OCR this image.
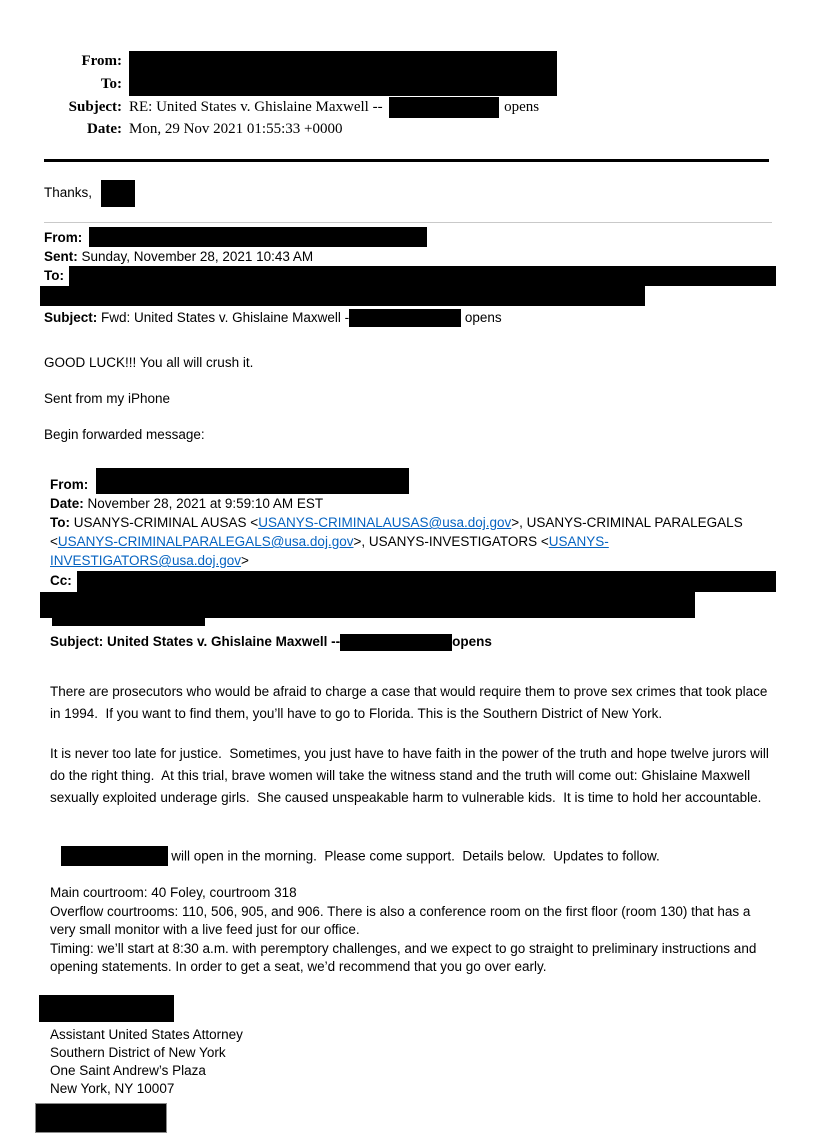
From:
To:
Subject: RE: United States v. Ghislaine Maxwell --	opens
Date: Mon, 29 Nov 2021 01:55:33 +0000
Thanks,
From:
Sent: Sunday, November 28, 2021 10:43 AM
To:
Subject: Fwd: United States v. Ghislaine Maxwell -	opens
GOOD LUCK!!! You all will crush it.
Sent from my iPhone
Begin forwarded message:
From:
Date: November 28, 2021 at 9:59:10 AM EST
To: USANYS-CRIMINAL AUSAS <USANYS-CRIMINALAUSAS@usa.doj.gov>, USANYS-CRIMINAL PARALEGALS <USANYS-CRIMINALPARALEGALS@usa.doj.gov>, USANYS-INVESTIGATORS <USANYS-INVESTIGATORS@usa.doj.gov>
Cc:
Subject: United States v. Ghislaine Maxwell --	opens
There are prosecutors who would be afraid to charge a case that would require them to prove sex crimes that took place in 1994.  If you want to find them, you’ll have to go to Florida. This is the Southern District of New York.
It is never too late for justice.  Sometimes, you just have to have faith in the power of the truth and hope twelve jurors will do the right thing.  At this trial, brave women will take the witness stand and the truth will come out: Ghislaine Maxwell sexually exploited underage girls.  She caused unspeakable harm to vulnerable kids.  It is time to hold her accountable.

will open in the morning.  Please come support.  Details below.  Updates to follow.

Main courtroom: 40 Foley, courtroom 318
Overflow courtrooms: 110, 506, 905, and 906. There is also a conference room on the first floor (room 130) that has a very small monitor with a live feed just for our office.
Timing: we’ll start at 8:30 a.m. with peremptory challenges, and we expect to go straight to preliminary instructions and opening statements. In order to get a seat, we’d recommend that you go over early.
Assistant United States Attorney
Southern District of New York
One Saint Andrew’s Plaza
New York, NY 10007
